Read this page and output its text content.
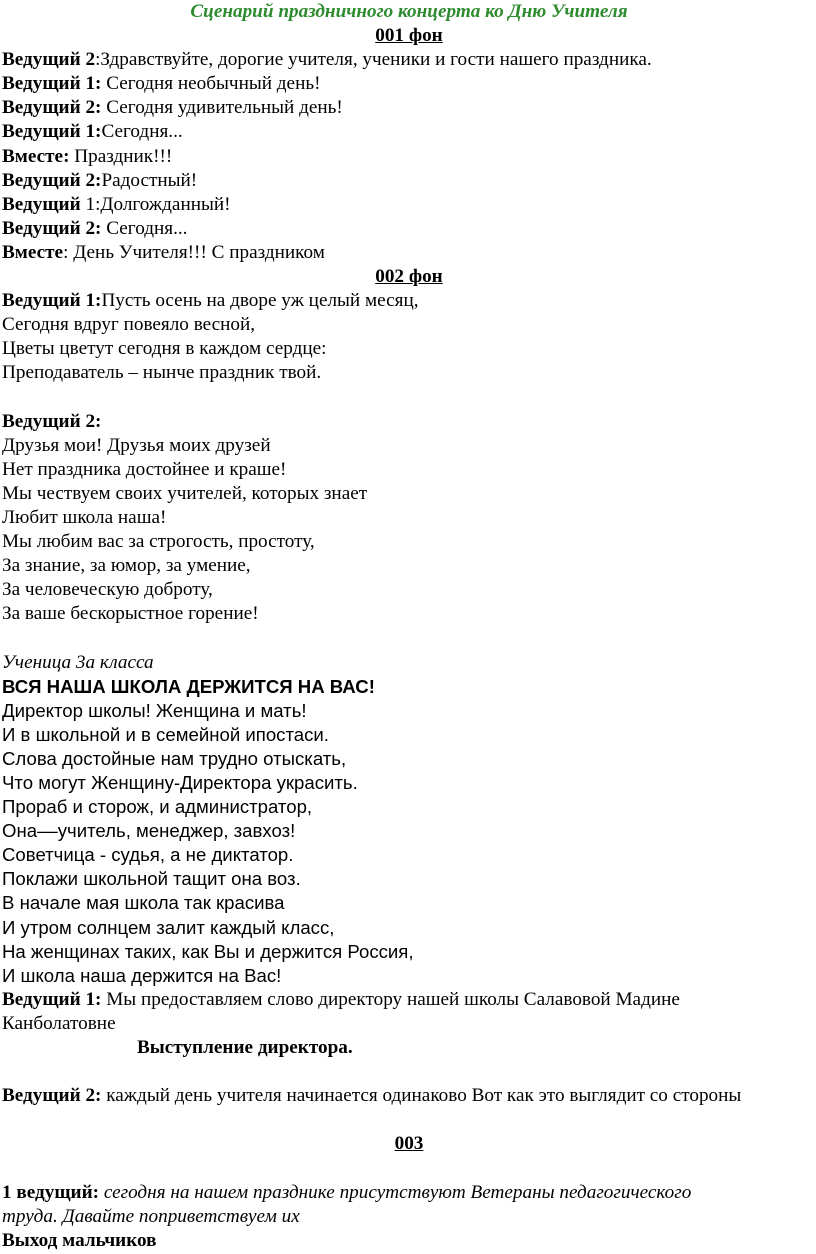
Сценарий праздничного концерта ко Дню Учителя
001 фон
Ведущий 2:Здравствуйте, дорогие учителя, ученики и гости нашего праздника.
Ведущий 1: Сегодня необычный день!
Ведущий 2: Сегодня удивительный день!
Ведущий 1:Сегодня...
Вместе: Праздник!!!
Ведущий 2:Радостный!
Ведущий 1:Долгожданный!
Ведущий 2: Сегодня...
Вместе: День Учителя!!! С праздником
002 фон
Ведущий 1:Пусть осень на дворе уж целый месяц,
Сегодня вдруг повеяло весной,
Цветы цветут сегодня в каждом сердце:
Преподаватель – нынче праздник твой.
Ведущий 2:
Друзья мои! Друзья моих друзей
Нет праздника достойнее и краше!
Мы чествуем своих учителей, которых знает
Любит школа наша!
Мы любим вас за строгость, простоту,
За знание, за юмор, за умение,
За человеческую доброту,
За ваше бескорыстное горение!
Ученица 3а класса
ВСЯ НАША ШКОЛА ДЕРЖИТСЯ НА ВАС!
Директор школы! Женщина и мать!
И в школьной и в семейной ипостаси.
Слова достойные нам трудно отыскать,
Что могут Женщину-Директора украсить.
Прораб и сторож, и администратор,
Она––учитель, менеджер, завхоз!
Советчица - судья, а не диктатор.
Поклажи школьной тащит она воз.
В начале мая школа так красива
И утром солнцем залит каждый класс,
На женщинах таких, как Вы и держится Россия,
И школа наша держится на Вас!
Ведущий 1: Мы предоставляем слово директору нашей школы Салавовой Мадине
Канболатовне
Выступление директора.
Ведущий 2: каждый день учителя начинается одинаково Вот как это выглядит со стороны
003
1 ведущий: сегодня на нашем празднике присутствуют Ветераны педагогического
труда. Давайте поприветствуем их
Выход мальчиков
